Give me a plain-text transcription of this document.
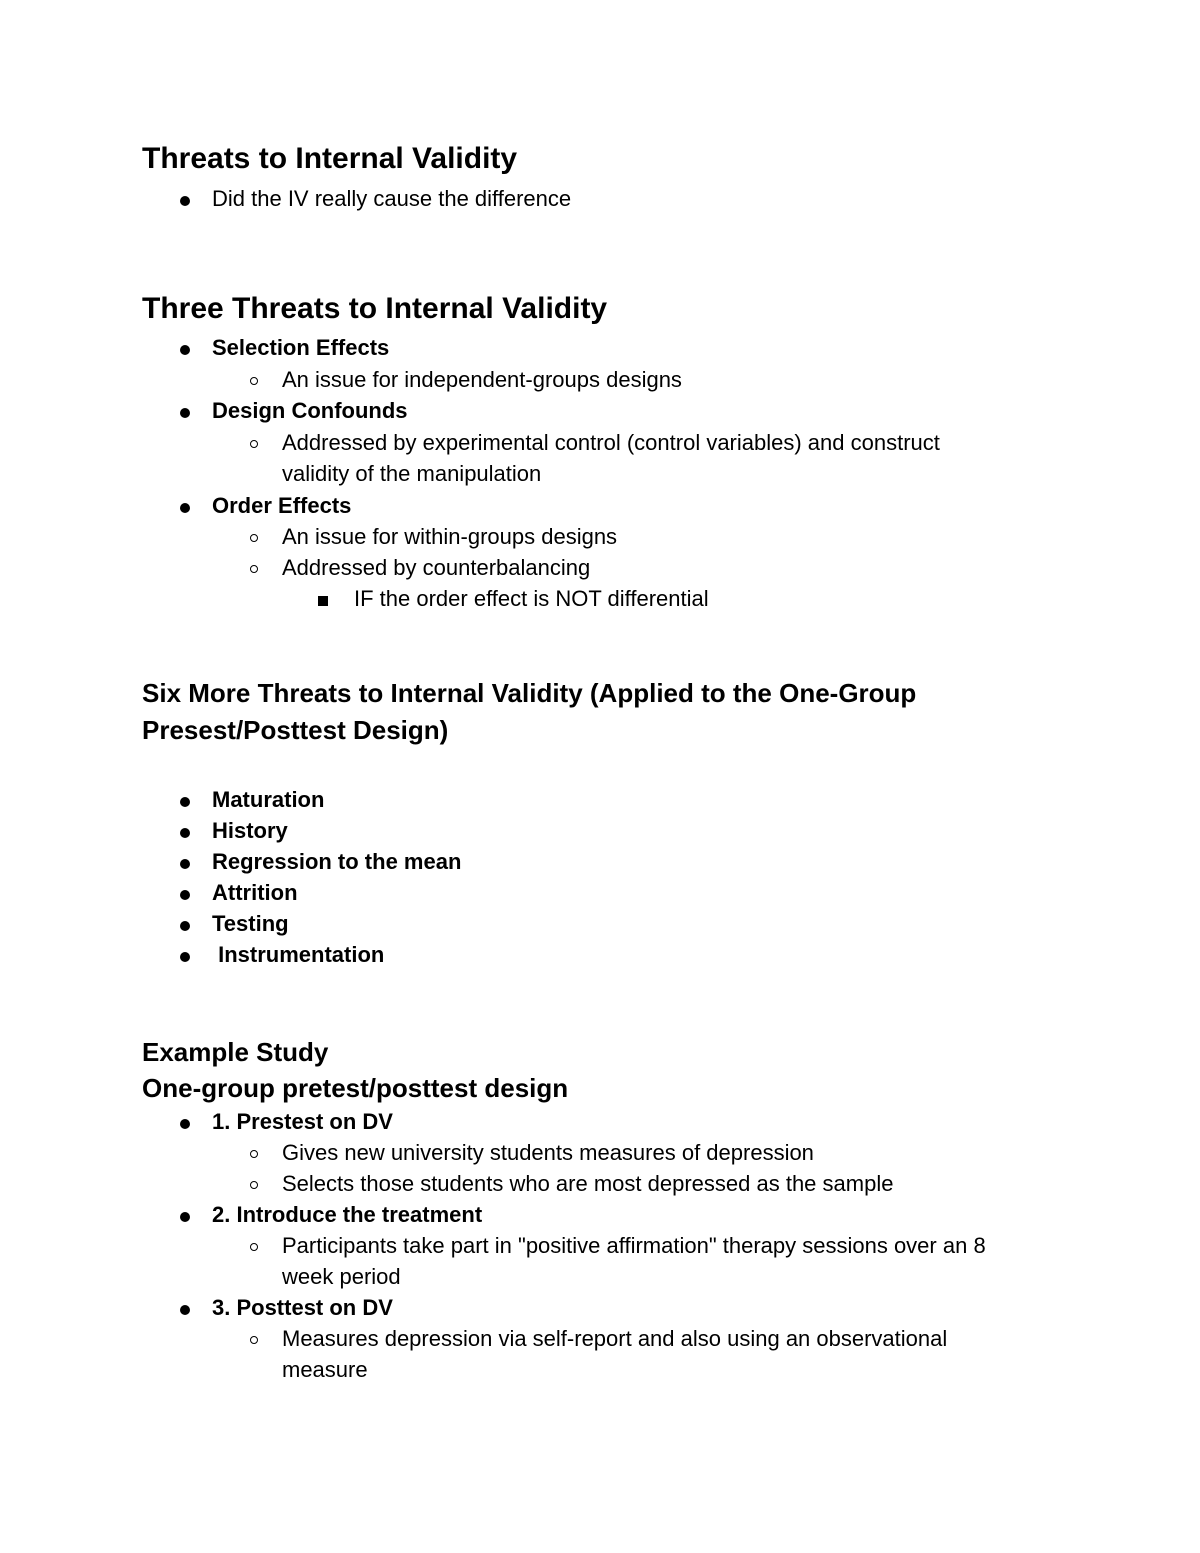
Threats to Internal Validity
Did the IV really cause the difference
Three Threats to Internal Validity
Selection Effects
An issue for independent-groups designs
Design Confounds
Addressed by experimental control (control variables) and construct
validity of the manipulation
Order Effects
An issue for within-groups designs
Addressed by counterbalancing
IF the order effect is NOT differential
Six More Threats to Internal Validity (Applied to the One-Group
Presest/Posttest Design)
Maturation
History
Regression to the mean
Attrition
Testing
Instrumentation
Example Study
One-group pretest/posttest design
1. Prestest on DV
Gives new university students measures of depression
Selects those students who are most depressed as the sample
2. Introduce the treatment
Participants take part in "positive affirmation" therapy sessions over an 8
week period
3. Posttest on DV
Measures depression via self-report and also using an observational
measure
